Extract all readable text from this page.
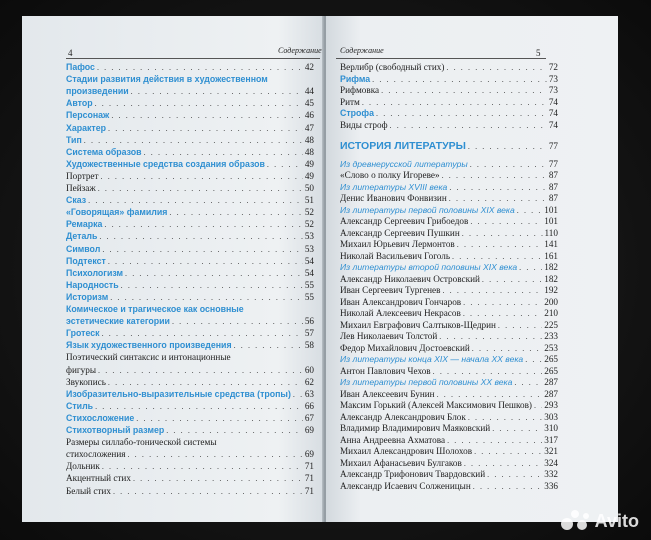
4	Содержание
Пафос . . .	42
Стадии развития действия в художественном
произведении . . .	44
Автор . . .	45
Персонаж . . .	46
Характер . . .	47
Тип . . .	48
Система образов . . .	48
Художественные средства создания образов . . .	49
Портрет . . .	49
Пейзаж . . .	50
Сказ . . .	51
«Говорящая» фамилия . . .	52
Ремарка . . .	52
Деталь . . .	53
Символ . . .	53
Подтекст . . .	54
Психологизм . . .	54
Народность . . .	55
Историзм . . .	55
Комическое и трагическое как основные
эстетические категории . . .	56
Гротеск . . .	57
Язык художественного произведения . . .	58
Поэтический синтаксис и интонационные
фигуры . . .	60
Звукопись . . .	62
Изобразительно-выразительные средства (тропы) . . . 63
Стиль . . .	66
Стихосложение . . .	67
Стихотворный размер . . .	69
Размеры силлабо-тонической системы
стихосложения . . .	69
Дольник . . .	71
Акцентный стих . . .	71
Белый стих . . .	71
Содержание	5
Верлибр (свободный стих) . . .	72
Рифма . . .	73
Рифмовка . . .	73
Ритм . . .	74
Строфа . . .	74
Виды строф . . .	74
ИСТОРИЯ ЛИТЕРАТУРЫ . . .	77
Из древнерусской литературы . . .	77
«Слово о полку Игореве» . . .	87
Из литературы XVIII века . . .	87
Денис Иванович Фонвизин . . .	87
Из литературы первой половины XIX века . . .	101
Александр Сергеевич Грибоедов . . .	101
Александр Сергеевич Пушкин . . .	110
Михаил Юрьевич Лермонтов . . .	141
Николай Васильевич Гоголь . . .	161
Из литературы второй половины XIX века . . .	182
Александр Николаевич Островский . . .	182
Иван Сергеевич Тургенев . . .	192
Иван Александрович Гончаров . . .	200
Николай Алексеевич Некрасов . . .	210
Михаил Евграфович Салтыков-Щедрин . . .	225
Лев Николаевич Толстой . . .	233
Федор Михайлович Достоевский . . .	253
Из литературы конца XIX — начала XX века . . . 265
Антон Павлович Чехов . . .	265
Из литературы первой половины XX века . . .	287
Иван Алексеевич Бунин . . .	287
Максим Горький (Алексей Максимович Пешков) . . . 293
Александр Александрович Блок . . .	303
Владимир Владимирович Маяковский . . .	310
Анна Андреевна Ахматова . . .	317
Михаил Александрович Шолохов . . .	321
Михаил Афанасьевич Булгаков . . .	324
Александр Трифонович Твардовский . . .	332
Александр Исаевич Солженицын . . .	336
Avito
